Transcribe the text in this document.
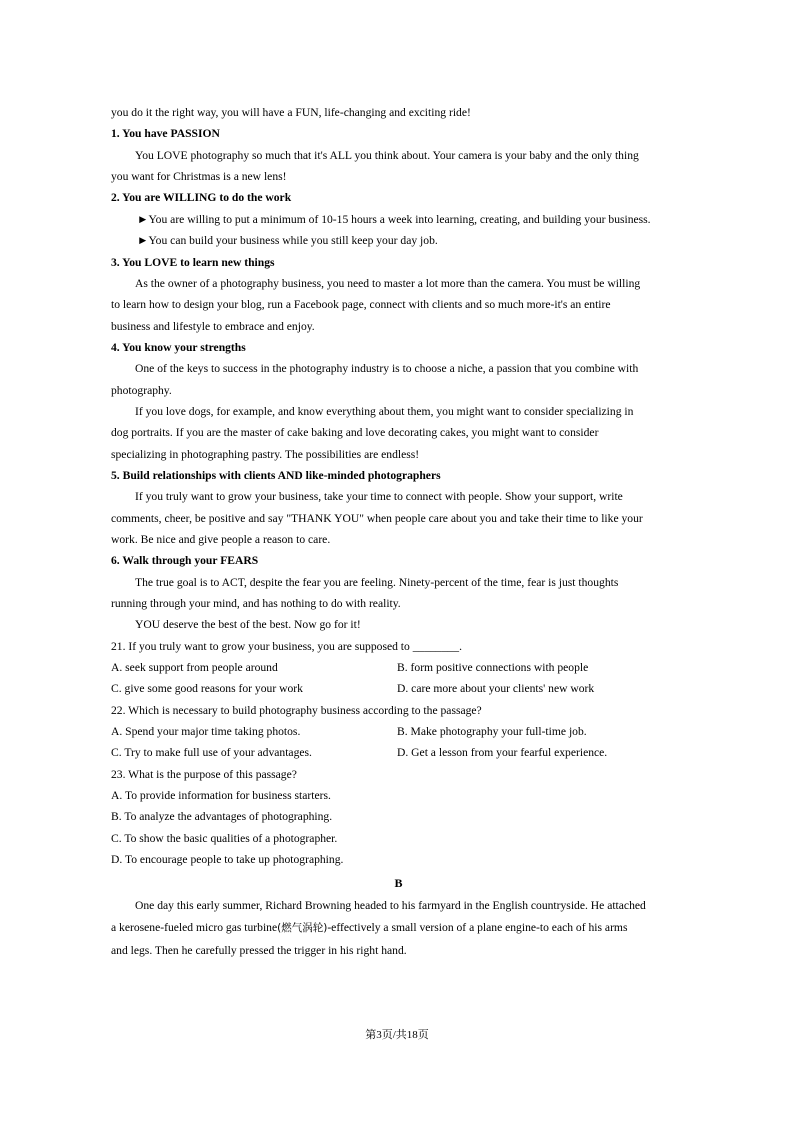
you do it the right way, you will have a FUN, life-changing and exciting ride!
1. You have PASSION
You LOVE photography so much that it's ALL you think about. Your camera is your baby and the only thing
you want for Christmas is a new lens!
2. You are WILLING to do the work
►You are willing to put a minimum of 10-15 hours a week into learning, creating, and building your business.
►You can build your business while you still keep your day job.
3. You LOVE to learn new things
As the owner of a photography business, you need to master a lot more than the camera. You must be willing
to learn how to design your blog, run a Facebook page, connect with clients and so much more-it's an entire
business and lifestyle to embrace and enjoy.
4. You know your strengths
One of the keys to success in the photography industry is to choose a niche, a passion that you combine with
photography.
If you love dogs, for example, and know everything about them, you might want to consider specializing in
dog portraits. If you are the master of cake baking and love decorating cakes, you might want to consider
specializing in photographing pastry. The possibilities are endless!
5. Build relationships with clients AND like-minded photographers
If you truly want to grow your business, take your time to connect with people. Show your support, write
comments, cheer, be positive and say "THANK YOU" when people care about you and take their time to like your
work. Be nice and give people a reason to care.
6. Walk through your FEARS
The true goal is to ACT, despite the fear you are feeling. Ninety-percent of the time, fear is just thoughts
running through your mind, and has nothing to do with reality.
YOU deserve the best of the best. Now go for it!
21. If you truly want to grow your business, you are supposed to ________.
A. seek support from people around	B. form positive connections with people
C. give some good reasons for your work	D. care more about your clients' new work
22. Which is necessary to build photography business according to the passage?
A. Spend your major time taking photos.	B. Make photography your full-time job.
C. Try to make full use of your advantages.	D. Get a lesson from your fearful experience.
23. What is the purpose of this passage?
A. To provide information for business starters.
B. To analyze the advantages of photographing.
C. To show the basic qualities of a photographer.
D. To encourage people to take up photographing.
B
One day this early summer, Richard Browning headed to his farmyard in the English countryside. He attached
a kerosene-fueled micro gas turbine(燃气涡轮)-effectively a small version of a plane engine-to each of his arms
and legs. Then he carefully pressed the trigger in his right hand.
第3页/共18页
